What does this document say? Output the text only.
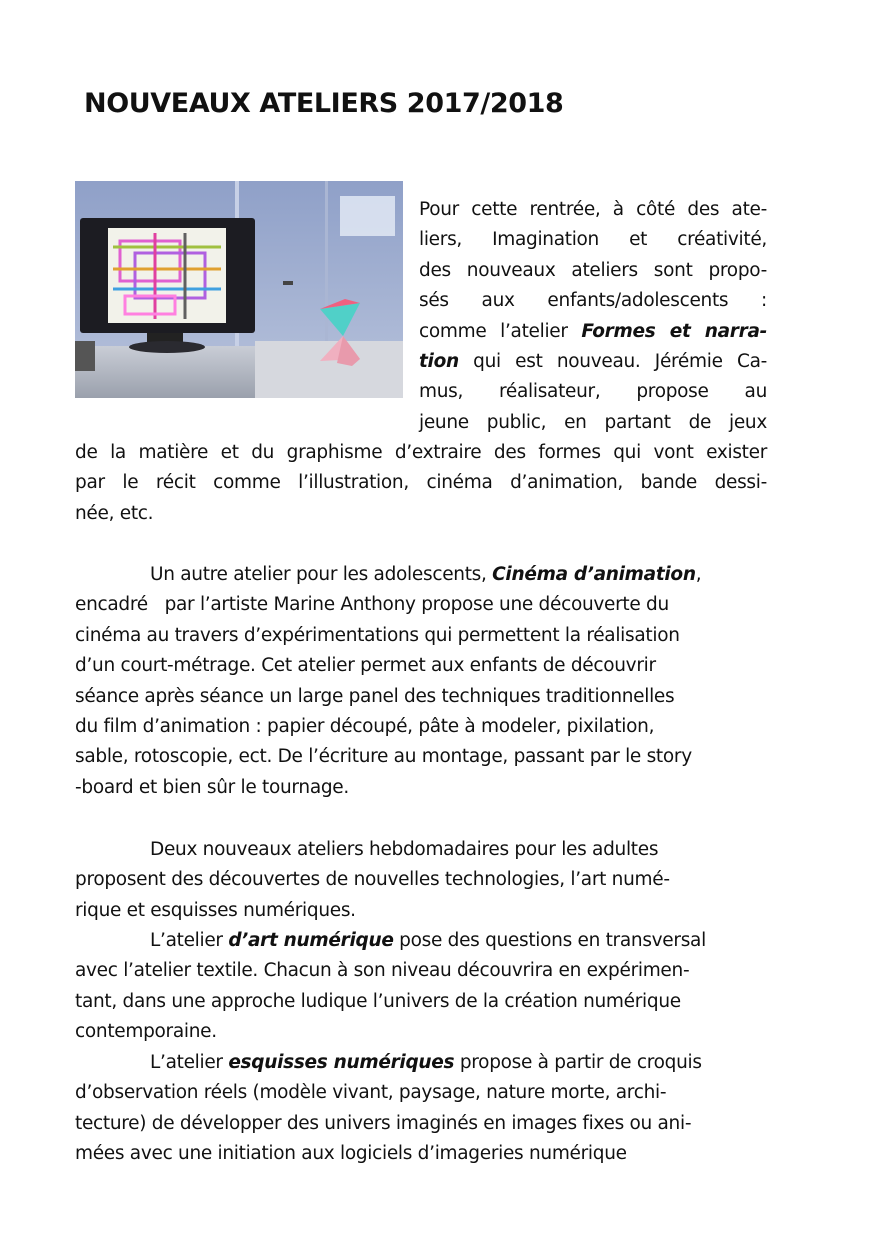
NOUVEAUX ATELIERS 2017/2018

Pour cette rentrée, à côté des ate-
liers, Imagination et créativité,
des nouveaux ateliers sont propo-
sés aux enfants/adolescents :
comme l’atelier Formes et narra-
tion qui est nouveau. Jérémie Ca-
mus, réalisateur, propose au
jeune public, en partant de jeux

de la matière et du graphisme d’extraire des formes qui vont exister
par le récit comme l’illustration, cinéma d’animation, bande dessi-
née, etc.

Un autre atelier pour les adolescents, Cinéma d’animation,
encadré   par l’artiste Marine Anthony propose une découverte du
cinéma au travers d’expérimentations qui permettent la réalisation
d’un court-métrage. Cet atelier permet aux enfants de découvrir
séance après séance un large panel des techniques traditionnelles
du film d’animation : papier découpé, pâte à modeler, pixilation,
sable, rotoscopie, ect. De l’écriture au montage, passant par le story
-board et bien sûr le tournage.

Deux nouveaux ateliers hebdomadaires pour les adultes
proposent des découvertes de nouvelles technologies, l’art numé-
rique et esquisses numériques.

L’atelier d’art numérique pose des questions en transversal
avec l’atelier textile. Chacun à son niveau découvrira en expérimen-
tant, dans une approche ludique l’univers de la création numérique
contemporaine.

L’atelier esquisses numériques propose à partir de croquis
d’observation réels (modèle vivant, paysage, nature morte, archi-
tecture) de développer des univers imaginés en images fixes ou ani-
mées avec une initiation aux logiciels d’imageries numérique
